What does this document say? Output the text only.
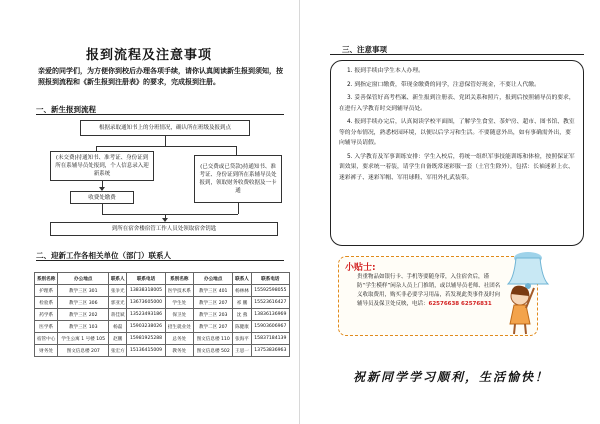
报到流程及注意事项
亲爱的同学们，为方便你到校后办理各项手续，请你认真阅读新生报到须知，按照报到流程和《新生报到注册表》的要求，完成报到注册。
一、新生报到流程
根据录取通知书上的分班情况，确认所在班级及报到点
(未交费)持通知书、准考证、身份证到所在系辅导员处报到，个人信息录入迎新系统
(已交费或已贷款)持通知书、准考证、身份证到所在系辅导员处报到，领取财务收费收据及一卡通
收费处缴费
到所在宿舍楼宿管工作人员处领取宿舍钥匙
二、迎新工作各相关单位（部门）联系人
系别名称	办公地点	联系人	联系电话	系别名称	办公地点	联系人	联系电话
护理系	教学三区 301	张争光	13838318005	医学技术系	教学三区 401	杨林林	15592598055
检验系	教学三区 306	郭亚光	13673605000	学生处	教学三区 207	祁 鹏	15523616427
药学系	教学三区 202	蒋佳斌	13523493186	保卫处	教学三区 203	沈 燕	13836136969
医学系	教学三区 103	杨磊	15903238026	招生就业处	教学二区 207	陈健康	15903606967
宿管中心	学生公寓 1 号楼 105	赵鹏	15981925288	总务处	图文信息楼 110	张海平	15837184139
财务处	图文信息楼 207	张宏方	15136415009	教务处	图文信息楼 502	王思一	13753836963
三、注意事项

1. 报到手续由学生本人办理。

2. 到指定窗口缴费，带现金缴费的同学，注意保管好现金，不要让人代缴。

3. 妥善保管好高考档案、新生报到注册表、党团关系和照片，报到后按照辅导员的要求，在进行入学教育时交到辅导员处。

4. 报到手续办完后，认真阅读学校平面图，了解学生食堂、茶炉房、超市、图书馆、教室等的分布情况，熟悉校园环境，以便以后学习和生活。不要随意外出，如有事确需外出，要向辅导员请假。

5. 入学教育及军事训练安排：学生入校后，将统一组织军事技能训练和体检，按照保证军训效果，要求统一着装，请学生自备既常迷彩服一套（土官生除外），包括：长袖迷彩上衣、迷彩裤子、迷彩军帽、军用球鞋、军用外扎武装带。

小贴士:
贵重物品如银行卡、手机等要随身带，入住宿舍后，谨防“学生模样”闲杂人员上门推销，或以辅导员老师、社团名义收取费用，购买非必要学习用品，若发现此类事件及时向辅导员及保卫处反映，电话：62576638 62576831
祝新同学学习顺利，生活愉快！
